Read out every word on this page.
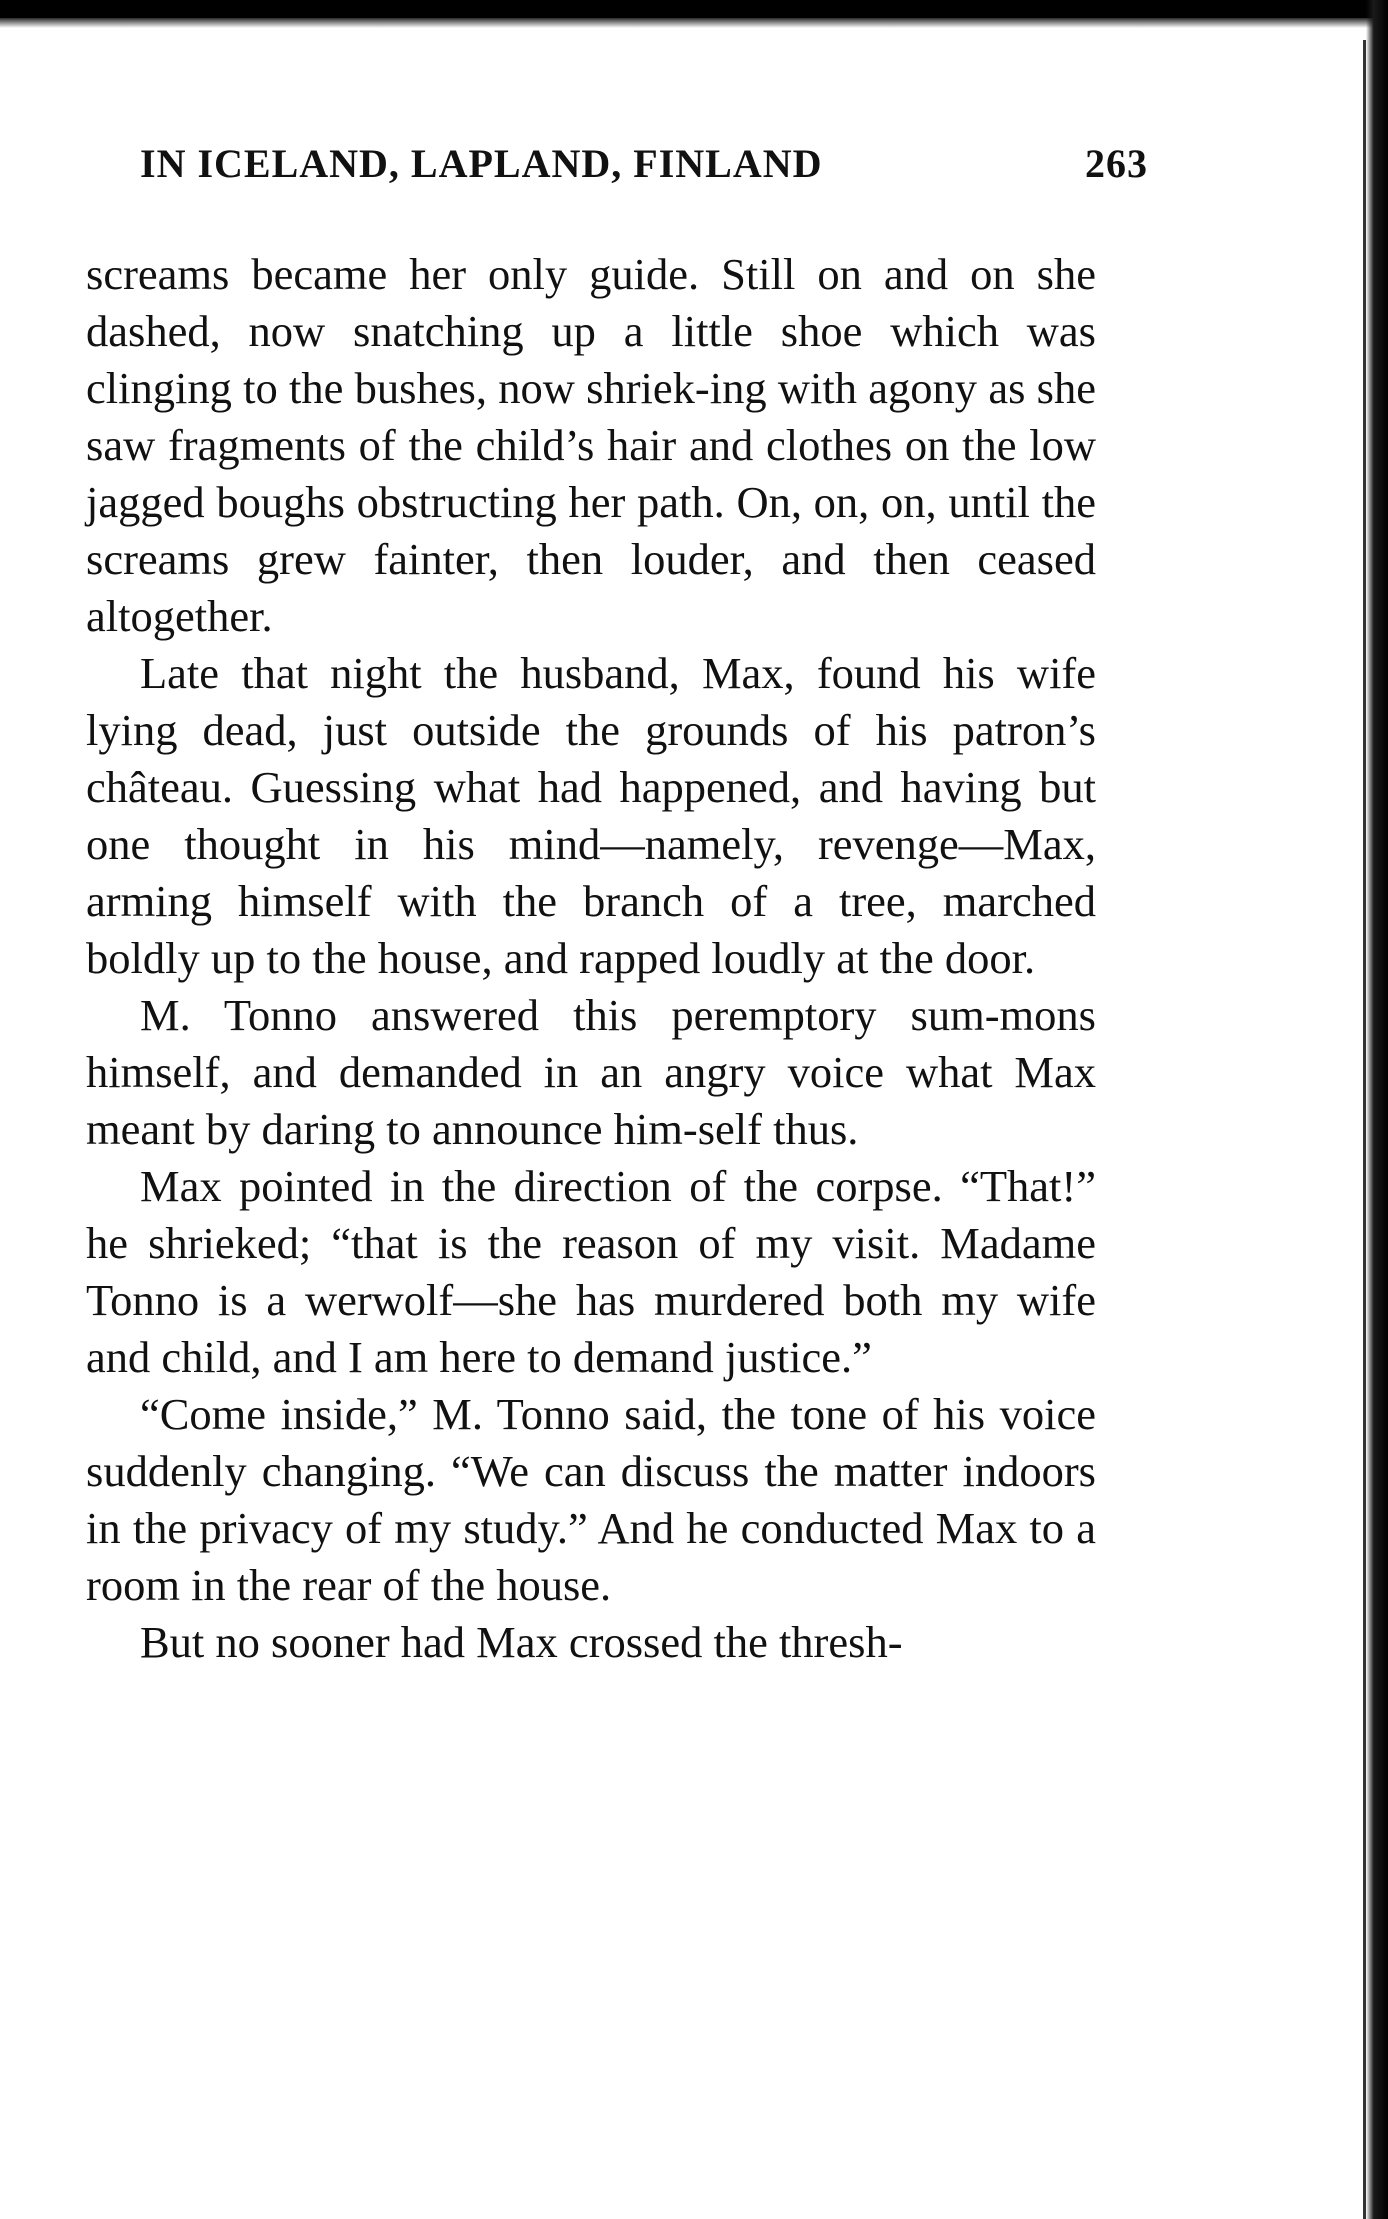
IN ICELAND, LAPLAND, FINLAND	263

screams became her only guide. Still on and on she dashed, now snatching up a little shoe which was clinging to the bushes, now shriek-ing with agony as she saw fragments of the child’s hair and clothes on the low jagged boughs obstructing her path. On, on, on, until the screams grew fainter, then louder, and then ceased altogether.

Late that night the husband, Max, found his wife lying dead, just outside the grounds of his patron’s château. Guessing what had happened, and having but one thought in his mind—namely, revenge—Max, arming himself with the branch of a tree, marched boldly up to the house, and rapped loudly at the door.

M. Tonno answered this peremptory sum-mons himself, and demanded in an angry voice what Max meant by daring to announce him-self thus.

Max pointed in the direction of the corpse. “That!” he shrieked; “that is the reason of my visit. Madame Tonno is a werwolf—she has murdered both my wife and child, and I am here to demand justice.”

“Come inside,” M. Tonno said, the tone of his voice suddenly changing. “We can discuss the matter indoors in the privacy of my study.” And he conducted Max to a room in the rear of the house.

But no sooner had Max crossed the thresh-
